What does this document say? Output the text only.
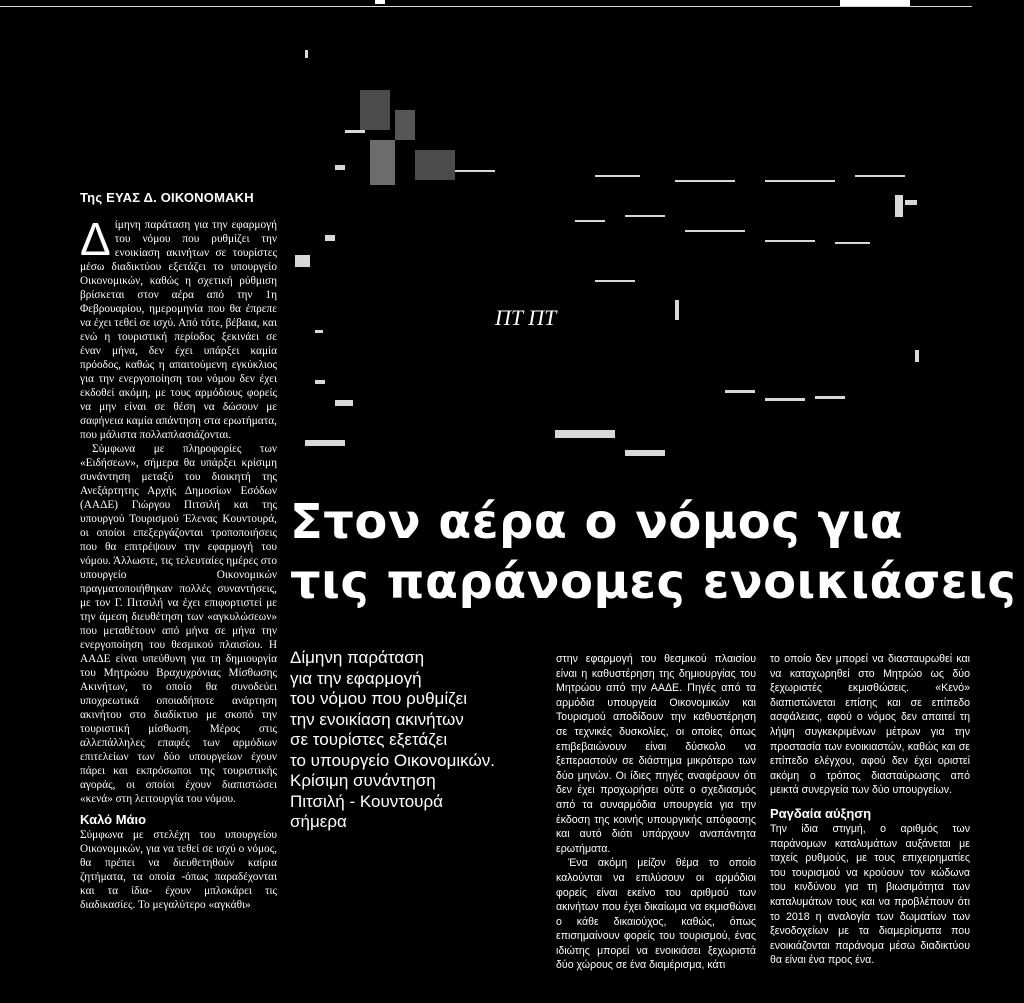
ΠΤ ΠТ
Της ΕΥΑΣ Δ. ΟΙΚΟΝΟΜΑΚΗ

Δίμηνη παράταση για την εφαρμογή του νόμου που ρυθμίζει την ενοικίαση ακινήτων σε τουρίστες μέσω διαδικτύου εξετάζει το υπουργείο Οικονομικών, καθώς η σχετική ρύθμιση βρίσκεται στον αέρα από την 1η Φεβρουαρίου, ημερομηνία που θα έπρεπε να έχει τεθεί σε ισχύ. Από τότε, βέβαια, και ενώ η τουριστική περίοδος ξεκινάει σε έναν μήνα, δεν έχει υπάρξει καμία πρόοδος, καθώς η απαιτούμενη εγκύκλιος για την ενεργοποίηση του νόμου δεν έχει εκδοθεί ακόμη, με τους αρμόδιους φορείς να μην είναι σε θέση να δώσουν με σαφήνεια καμία απάντηση στα ερωτήματα, που μάλιστα πολλαπλασιάζονται.

Σύμφωνα με πληροφορίες των «Ειδήσεων», σήμερα θα υπάρξει κρίσιμη συνάντηση μεταξύ του διοικητή της Ανεξάρτητης Αρχής Δημοσίων Εσόδων (ΑΑΔΕ) Γιώργου Πιτσιλή και της υπουργού Τουρισμού Έλενας Κουντουρά, οι οποίοι επεξεργάζονται τροποποιήσεις που θα επιτρέψουν την εφαρμογή του νόμου. Άλλωστε, τις τελευταίες ημέρες στο υπουργείο Οικονομικών πραγματοποιήθηκαν πολλές συναντήσεις, με τον Γ. Πιτσιλή να έχει επιφορτιστεί με την άμεση διευθέτηση των «αγκυλώσεων» που μεταθέτουν από μήνα σε μήνα την ενεργοποίηση του θεσμικού πλαισίου. Η ΑΑΔΕ είναι υπεύθυνη για τη δημιουργία του Μητρώου Βραχυχρόνιας Μίσθωσης Ακινήτων, το οποίο θα συνοδεύει υποχρεωτικά οποιαδήποτε ανάρτηση ακινήτου στο διαδίκτυο με σκοπό την τουριστική μίσθωση. Μέρος στις αλλεπάλληλες επαφές των αρμόδιων επιτελείων των δύο υπουργείων έχουν πάρει και εκπρόσωποι της τουριστικής αγοράς, οι οποίοι έχουν διαπιστώσει «κενά» στη λειτουργία του νόμου.

Καλό Μάιο

Σύμφωνα με στελέχη του υπουργείου Οικονομικών, για να τεθεί σε ισχύ ο νόμος, θα πρέπει να διευθετηθούν καίρια ζητήματα, τα οποία -όπως παραδέχονται και τα ίδια- έχουν μπλοκάρει τις διαδικασίες. Το μεγαλύτερο «αγκάθι»

Στον αέρα ο νόμος για
τις παράνομες ενοικιάσεις
Δίμηνη παράταση
για την εφαρμογή
του νόμου που ρυθμίζει
την ενοικίαση ακινήτων
σε τουρίστες εξετάζει
το υπουργείο Οικονομικών.
Κρίσιμη συνάντηση
Πιτσιλή - Κουντουρά
σήμερα

στην εφαρμογή του θεσμικού πλαισίου είναι η καθυστέρηση της δημιουργίας του Μητρώου από την ΑΑΔΕ. Πηγές από τα αρμόδια υπουργεία Οικονομικών και Τουρισμού αποδίδουν την καθυστέρηση σε τεχνικές δυσκολίες, οι οποίες όπως επιβεβαιώνουν είναι δύσκολο να ξεπεραστούν σε διάστημα μικρότερο των δύο μηνών. Οι ίδιες πηγές αναφέρουν ότι δεν έχει προχωρήσει ούτε ο σχεδιασμός από τα συναρμόδια υπουργεία για την έκδοση της κοινής υπουργικής απόφασης και αυτό διότι υπάρχουν αναπάντητα ερωτήματα.

Ένα ακόμη μείζον θέμα το οποίο καλούνται να επιλύσουν οι αρμόδιοι φορείς είναι εκείνο του αριθμού των ακινήτων που έχει δικαίωμα να εκμισθώνει ο κάθε δικαιούχος, καθώς, όπως επισημαίνουν φορείς του τουρισμού, ένας ιδιώτης μπορεί να ενοικιάσει ξεχωριστά δύο χώρους σε ένα διαμέρισμα, κάτι

το οποίο δεν μπορεί να διασταυρωθεί και να καταχωρηθεί στο Μητρώο ως δύο ξεχωριστές εκμισθώσεις. «Κενό» διαπιστώνεται επίσης και σε επίπεδο ασφάλειας, αφού ο νόμος δεν απαιτεί τη λήψη συγκεκριμένων μέτρων για την προστασία των ενοικιαστών, καθώς και σε επίπεδο ελέγχου, αφού δεν έχει οριστεί ακόμη ο τρόπος διασταύρωσης από μεικτά συνεργεία των δύο υπουργείων.

Ραγδαία αύξηση

Την ίδια στιγμή, ο αριθμός των παράνομων καταλυμάτων αυξάνεται με ταχείς ρυθμούς, με τους επιχειρηματίες του τουρισμού να κρούουν τον κώδωνα του κινδύνου για τη βιωσιμότητα των καταλυμάτων τους και να προβλέπουν ότι το 2018 η αναλογία των δωματίων των ξενοδοχείων με τα διαμερίσματα που ενοικιάζονται παράνομα μέσω διαδικτύου θα είναι ένα προς ένα.
